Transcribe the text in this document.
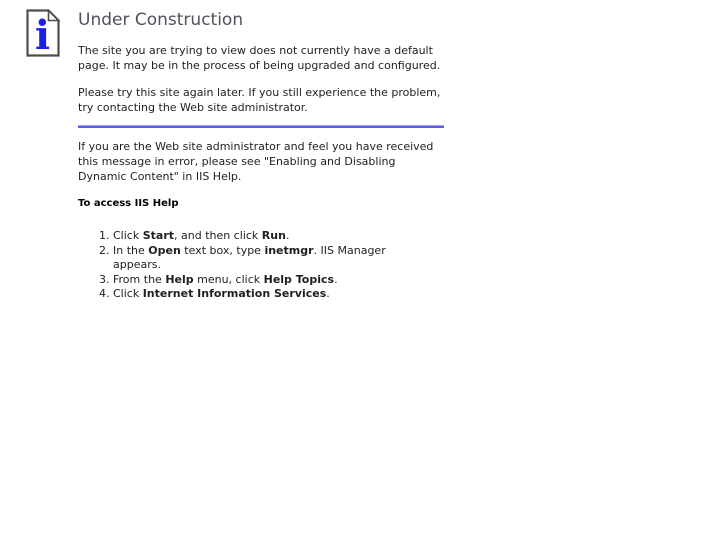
i Under Construction

The site you are trying to view does not currently have a default page. It may be in the process of being upgraded and configured.

Please try this site again later. If you still experience the problem, try contacting the Web site administrator.

If you are the Web site administrator and feel you have received this message in error, please see "Enabling and Disabling Dynamic Content" in IIS Help.

To access IIS Help
1. Click Start, and then click Run.
2. In the Open text box, type inetmgr. IIS Manager
appears.
3. From the Help menu, click Help Topics.
4. Click Internet Information Services.
